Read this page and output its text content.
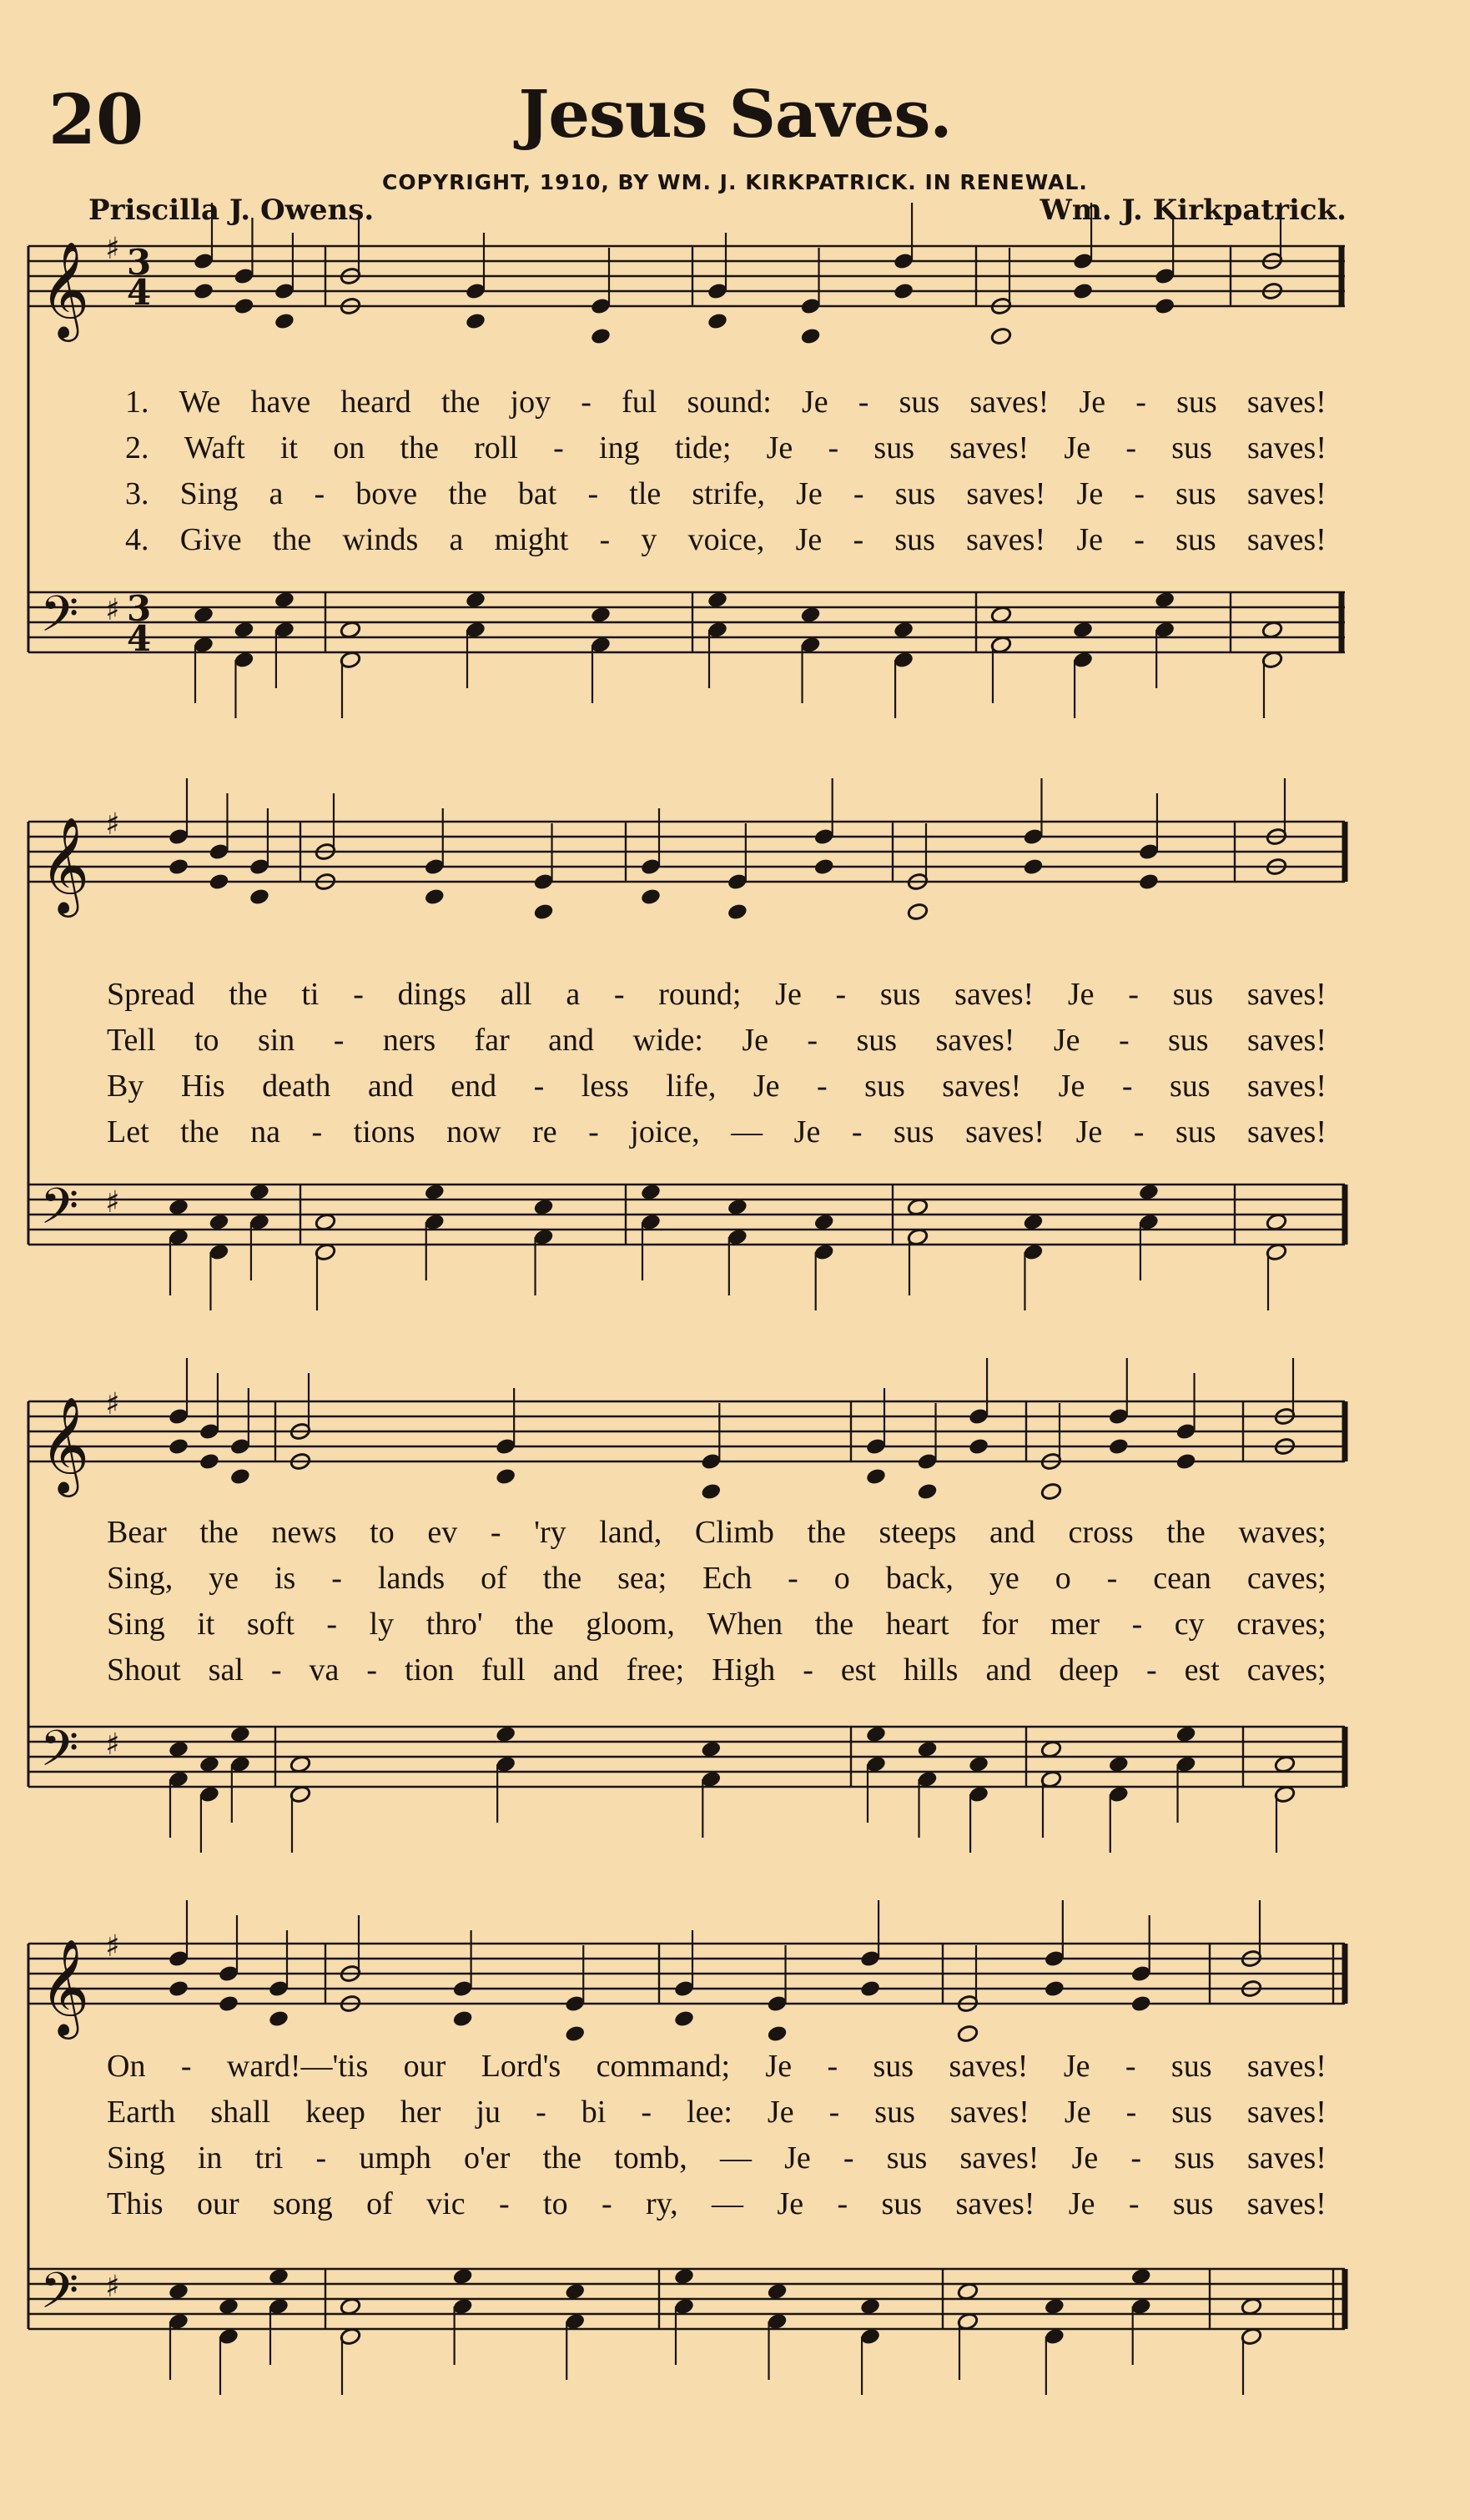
20	Jesus Saves.
COPYRIGHT, 1910, BY WM. J. KIRKPATRICK. IN RENEWAL.
Priscilla J. Owens.	Wm. J. Kirkpatrick.
𝄞
𝄢
♯
♯
3
4
3
4
𝄞
𝄢
♯
♯
𝄞
𝄢
♯
♯
𝄞
𝄢
♯
♯
1. We have heard the joy - ful sound: Je - sus saves! Je - sus saves!
2. Waft it on the roll - ing tide; Je - sus saves! Je - sus saves!
3. Sing a - bove the bat - tle strife, Je - sus saves! Je - sus saves!
4. Give the winds a might - y voice, Je - sus saves! Je - sus saves!
Spread the ti - dings all a - round; Je - sus saves! Je - sus saves!
Tell to sin - ners far and wide: Je - sus saves! Je - sus saves!
By His death and end - less life, Je - sus saves! Je - sus saves!
Let the na - tions now re - joice, — Je - sus saves! Je - sus saves!
Bear the news to ev - 'ry land, Climb the steeps and cross the waves;
Sing, ye is - lands of the sea; Ech - o back, ye o - cean caves;
Sing it soft - ly thro' the gloom, When the heart for mer - cy craves;
Shout sal - va - tion full and free; High - est hills and deep - est caves;
On - ward!—'tis our Lord's command; Je - sus saves! Je - sus saves!
Earth shall keep her ju - bi - lee: Je - sus saves! Je - sus saves!
Sing in tri - umph o'er the tomb, — Je - sus saves! Je - sus saves!
This our song of vic - to - ry, — Je - sus saves! Je - sus saves!
